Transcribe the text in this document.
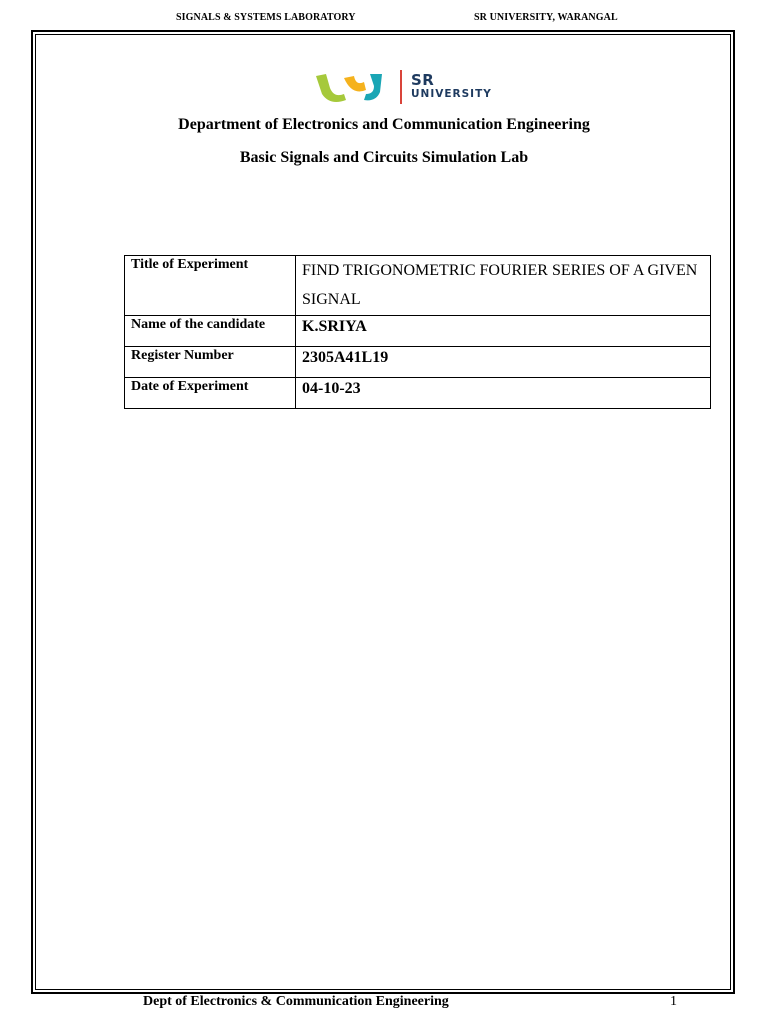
SIGNALS & SYSTEMS LABORATORY	SR UNIVERSITY, WARANGAL
SR
UNIVERSITY
Department of Electronics and Communication Engineering
Basic Signals and Circuits Simulation Lab
Title of Experiment	FIND TRIGONOMETRIC FOURIER SERIES OF A GIVEN SIGNAL
Name of the candidate	K.SRIYA
Register Number	2305A41L19
Date of Experiment	04-10-23
Dept of Electronics & Communication Engineering	1
